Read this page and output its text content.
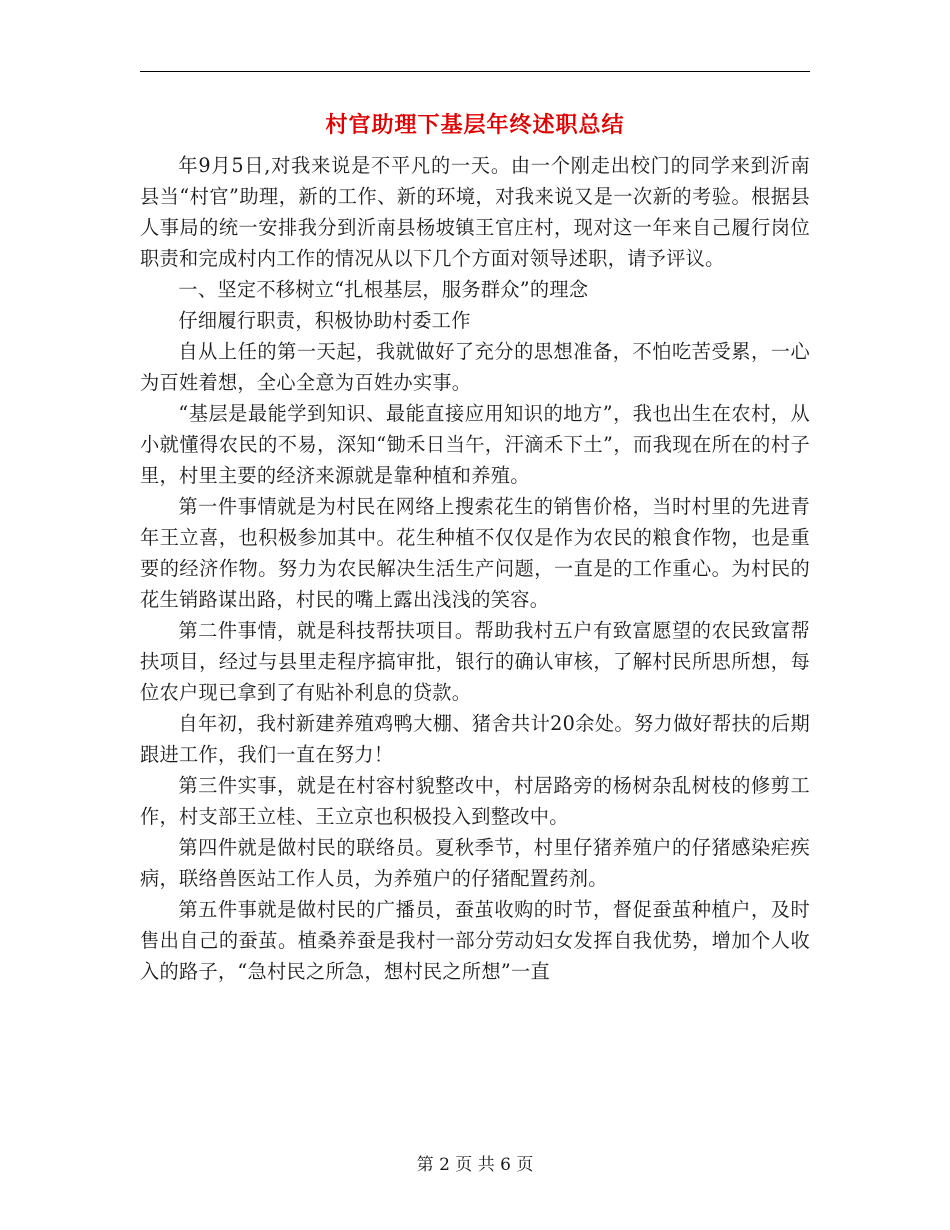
村官助理下基层年终述职总结

年9月5日,对我来说是不平凡的一天。由一个刚走出校门的同学来到沂南县当“村官”助理，新的工作、新的环境，对我来说又是一次新的考验。根据县人事局的统一安排我分到沂南县杨坡镇王官庄村，现对这一年来自己履行岗位职责和完成村内工作的情况从以下几个方面对领导述职，请予评议。

一、坚定不移树立“扎根基层，服务群众”的理念

仔细履行职责，积极协助村委工作

自从上任的第一天起，我就做好了充分的思想准备，不怕吃苦受累，一心为百姓着想，全心全意为百姓办实事。

“基层是最能学到知识、最能直接应用知识的地方”，我也出生在农村，从小就懂得农民的不易，深知“锄禾日当午，汗滴禾下土”，而我现在所在的村子里，村里主要的经济来源就是靠种植和养殖。

第一件事情就是为村民在网络上搜索花生的销售价格，当时村里的先进青年王立喜，也积极参加其中。花生种植不仅仅是作为农民的粮食作物，也是重要的经济作物。努力为农民解决生活生产问题，一直是的工作重心。为村民的花生销路谋出路，村民的嘴上露出浅浅的笑容。

第二件事情，就是科技帮扶项目。帮助我村五户有致富愿望的农民致富帮扶项目，经过与县里走程序搞审批，银行的确认审核，了解村民所思所想，每位农户现已拿到了有贴补利息的贷款。

自年初，我村新建养殖鸡鸭大棚、猪舍共计20余处。努力做好帮扶的后期跟进工作，我们一直在努力！

第三件实事，就是在村容村貌整改中，村居路旁的杨树杂乱树枝的修剪工作，村支部王立桂、王立京也积极投入到整改中。

第四件就是做村民的联络员。夏秋季节，村里仔猪养殖户的仔猪感染疟疾病，联络兽医站工作人员，为养殖户的仔猪配置药剂。

第五件事就是做村民的广播员，蚕茧收购的时节，督促蚕茧种植户，及时售出自己的蚕茧。植桑养蚕是我村一部分劳动妇女发挥自我优势，增加个人收入的路子，“急村民之所急，想村民之所想”一直

第 2 页 共 6 页
